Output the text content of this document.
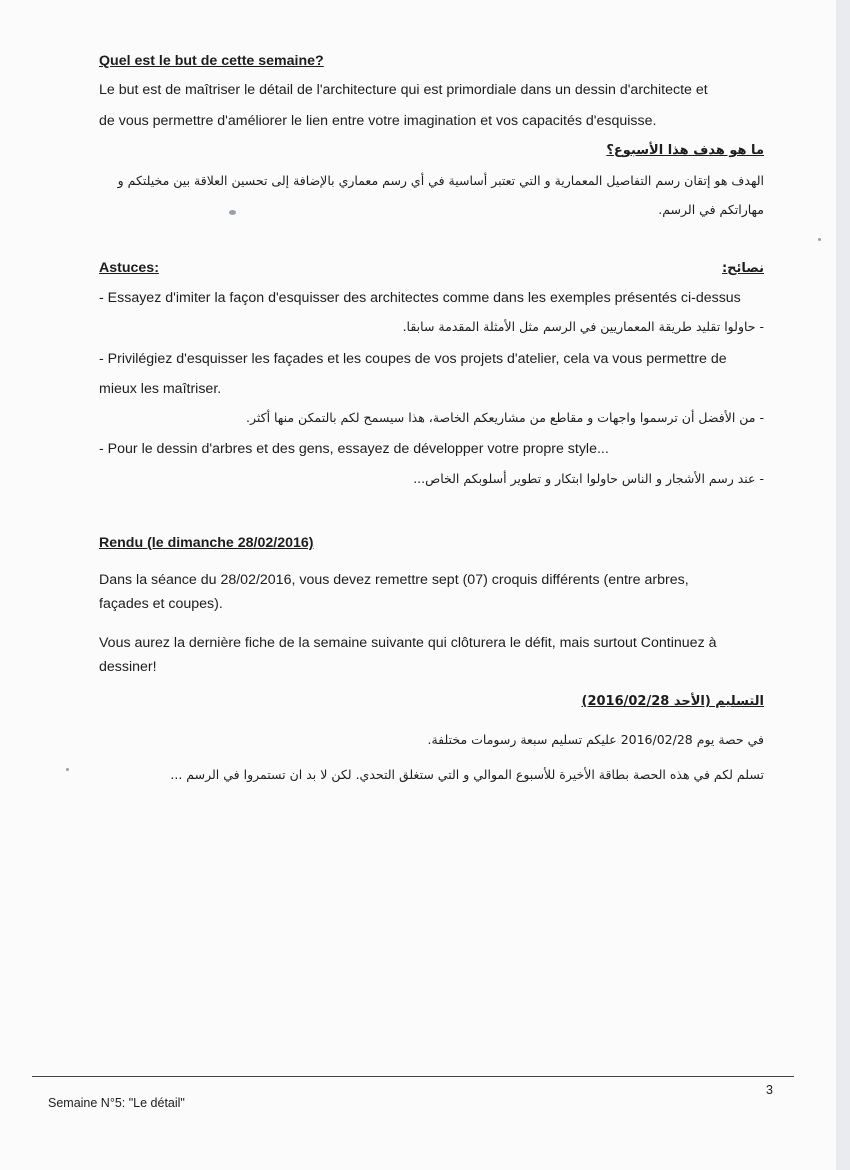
Quel est le but de cette semaine?
Le but est de maîtriser le détail de l'architecture qui est primordiale dans un dessin d'architecte et
de vous permettre d'améliorer le lien entre votre imagination et vos capacités d'esquisse.
ما هو هدف هذا الأسبوع؟
الهدف هو إتقان رسم التفاصيل المعمارية و التي تعتبر أساسية في أي رسم معماري بالإضافة إلى تحسين العلاقة بين مخيلتكم و
مهاراتكم في الرسم.
Astuces:	نصائح:
- Essayez d'imiter la façon d'esquisser des architectes comme dans les exemples présentés ci-dessus
- حاولوا تقليد طريقة المعماريين في الرسم مثل الأمثلة المقدمة سابقا.
- Privilégiez d'esquisser les façades et les coupes de vos projets d'atelier, cela va vous permettre de
mieux les maîtriser.
- من الأفضل أن ترسموا واجهات و مقاطع من مشاريعكم الخاصة، هذا سيسمح لكم بالتمكن منها أكثر.
- Pour le dessin d'arbres et des gens, essayez de développer votre propre style...
- عند رسم الأشجار و الناس حاولوا ابتكار و تطوير أسلوبكم الخاص...
Rendu (le dimanche 28/02/2016)
Dans la séance du 28/02/2016, vous devez remettre sept (07) croquis différents (entre arbres,
façades et coupes).
Vous aurez la dernière fiche de la semaine suivante qui clôturera le défit, mais surtout Continuez à
dessiner!
التسليم (الأحد 2016/02/28)
في حصة يوم 2016/02/28 عليكم تسليم سبعة رسومات مختلفة.
تسلم لكم في هذه الحصة بطاقة الأخيرة للأسبوع الموالي و التي ستغلق التحدي. لكن لا بد ان تستمروا في الرسم ...
3
Semaine N°5: "Le détail"
